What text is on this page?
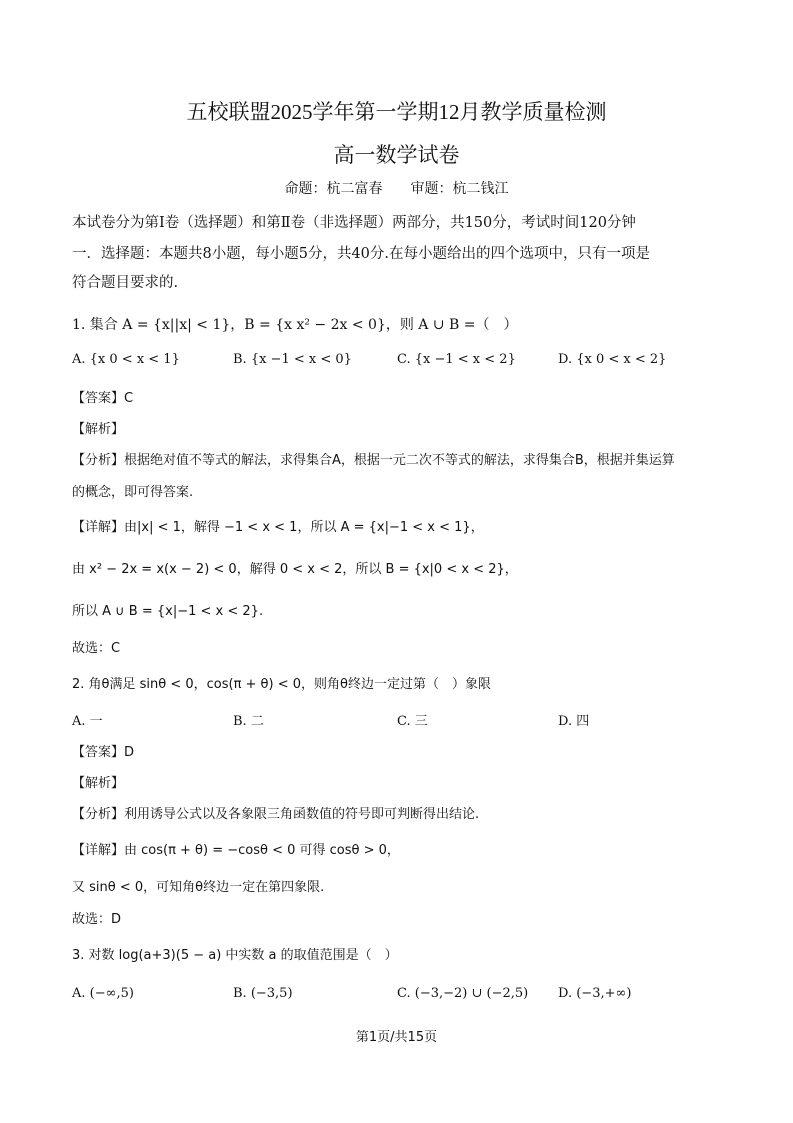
五校联盟2025学年第一学期12月教学质量检测
高一数学试卷
命题：杭二富春　　审题：杭二钱江
本试卷分为第Ⅰ卷（选择题）和第Ⅱ卷（非选择题）两部分，共150分，考试时间120分钟
一．选择题：本题共8小题，每小题5分，共40分.在每小题给出的四个选项中，只有一项是
符合题目要求的.
1. 集合 A = {x||x| < 1}，B = {x x² − 2x < 0}，则 A ∪ B =（　）
A. {x 0 < x < 1}	B. {x −1 < x < 0}	C. {x −1 < x < 2}	D. {x 0 < x < 2}
【答案】C
【解析】
【分析】根据绝对值不等式的解法，求得集合A，根据一元二次不等式的解法，求得集合B，根据并集运算
的概念，即可得答案.
【详解】由|x| < 1，解得 −1 < x < 1，所以 A = {x|−1 < x < 1}，
由 x² − 2x = x(x − 2) < 0，解得 0 < x < 2，所以 B = {x|0 < x < 2}，
所以 A ∪ B = {x|−1 < x < 2}.
故选：C
2. 角θ满足 sinθ < 0，cos(π + θ) < 0，则角θ终边一定过第（　）象限
A. 一	B. 二	C. 三	D. 四
【答案】D
【解析】
【分析】利用诱导公式以及各象限三角函数值的符号即可判断得出结论.
【详解】由 cos(π + θ) = −cosθ < 0 可得 cosθ > 0，
又 sinθ < 0，可知角θ终边一定在第四象限.
故选：D
3. 对数 log(a+3)(5 − a) 中实数 a 的取值范围是（　）
A. (−∞,5)	B. (−3,5)	C. (−3,−2) ∪ (−2,5) D. (−3,+∞)
第1页/共15页
